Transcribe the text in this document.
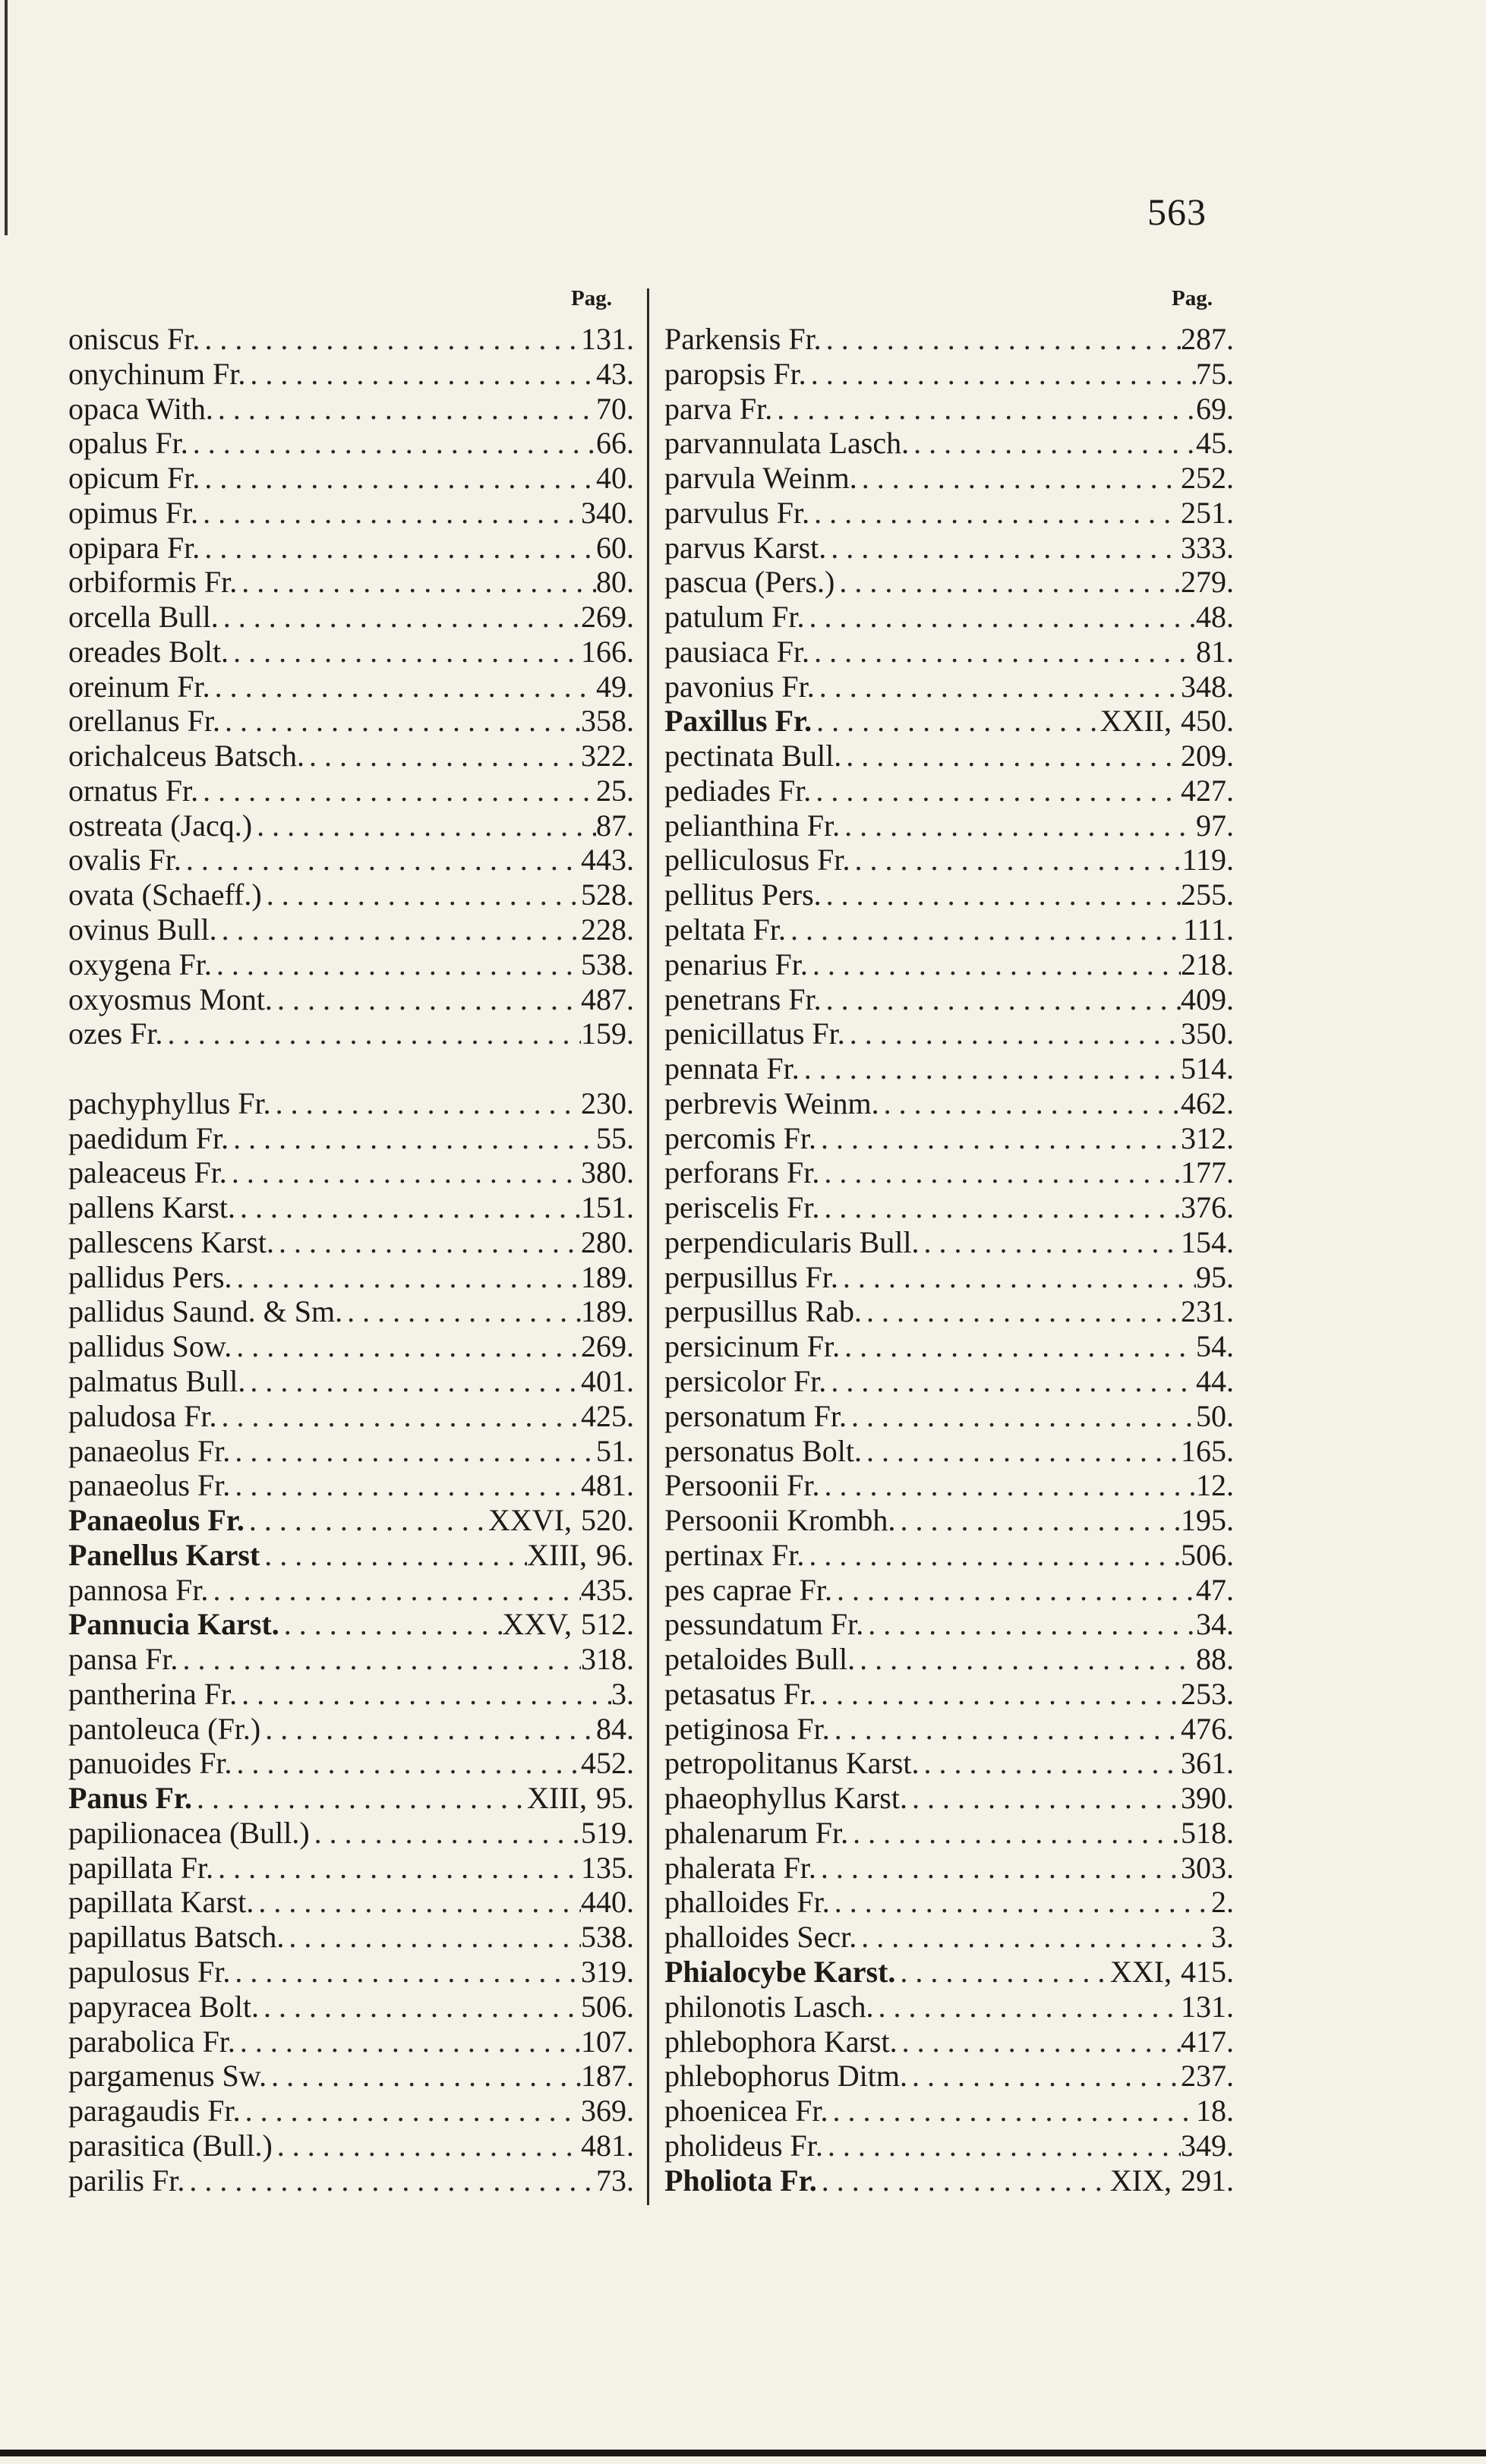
563
Pag.	Pag.
oniscus Fr. . . .	131.
onychinum Fr. . . .	43.
opaca With. . . .	70.
opalus Fr. . . .	66.
opicum Fr. . . .	40.
opimus Fr. . . .	340.
opipara Fr. . . .	60.
orbiformis Fr. . . .	80.
orcella Bull. . . .	269.
oreades Bolt. . . .	166.
oreinum Fr. . . .	49.
orellanus Fr. . . .	358.
orichalceus Batsch. . . .	322.
ornatus Fr. . . .	25.
ostreata (Jacq.) . . .	87.
ovalis Fr. . . .	443.
ovata (Schaeff.) . . .	528.
ovinus Bull. . . .	228.
oxygena Fr. . . .	538.
oxyosmus Mont. . . .	487.
ozes Fr. . . .	159.
pachyphyllus Fr. . . .	230.
paedidum Fr. . . .	55.
paleaceus Fr. . . .	380.
pallens Karst. . . .	151.
pallescens Karst. . . .	280.
pallidus Pers. . . .	189.
pallidus Saund. & Sm. . . .	189.
pallidus Sow. . . .	269.
palmatus Bull. . . .	401.
paludosa Fr. . . .	425.
panaeolus Fr. . . .	51.
panaeolus Fr. . . .	481.
Panaeolus Fr. . . .	XXVI, 520.
Panellus Karst . . .	XIII, 96.
pannosa Fr. . . .	435.
Pannucia Karst. . . .	XXV, 512.
pansa Fr. . . .	318.
pantherina Fr. . . .	3.
pantoleuca (Fr.) . . .	84.
panuoides Fr. . . .	452.
Panus Fr. . . .	XIII, 95.
papilionacea (Bull.) . . .	519.
papillata Fr. . . .	135.
papillata Karst. . . .	440.
papillatus Batsch. . . .	538.
papulosus Fr. . . .	319.
papyracea Bolt. . . .	506.
parabolica Fr. . . .	107.
pargamenus Sw. . . .	187.
paragaudis Fr. . . .	369.
parasitica (Bull.) . . .	481.
parilis Fr. . . .	73.
Parkensis Fr. . . .	287.
paropsis Fr. . . .	75.
parva Fr. . . .	69.
parvannulata Lasch. . . .	45.
parvula Weinm. . . .	252.
parvulus Fr. . . .	251.
parvus Karst. . . .	333.
pascua (Pers.) . . .	279.
patulum Fr. . . .	48.
pausiaca Fr. . . .	81.
pavonius Fr. . . .	348.
Paxillus Fr. . . .	XXII, 450.
pectinata Bull. . . .	209.
pediades Fr. . . .	427.
pelianthina Fr. . . .	97.
pelliculosus Fr. . . .	119.
pellitus Pers. . . .	255.
peltata Fr. . . .	111.
penarius Fr. . . .	218.
penetrans Fr. . . .	409.
penicillatus Fr. . . .	350.
pennata Fr. . . .	514.
perbrevis Weinm. . . .	462.
percomis Fr. . . .	312.
perforans Fr. . . .	177.
periscelis Fr. . . .	376.
perpendicularis Bull. . . .	154.
perpusillus Fr. . . .	95.
perpusillus Rab. . . .	231.
persicinum Fr. . . .	54.
persicolor Fr. . . .	44.
personatum Fr. . . .	50.
personatus Bolt. . . .	165.
Persoonii Fr. . . .	12.
Persoonii Krombh. . . .	195.
pertinax Fr. . . .	506.
pes caprae Fr. . . .	47.
pessundatum Fr. . . .	34.
petaloides Bull. . . .	88.
petasatus Fr. . . .	253.
petiginosa Fr. . . .	476.
petropolitanus Karst. . . .	361.
phaeophyllus Karst. . . .	390.
phalenarum Fr. . . .	518.
phalerata Fr. . . .	303.
phalloides Fr. . . .	2.
phalloides Secr. . . .	3.
Phialocybe Karst. . . .	XXI, 415.
philonotis Lasch. . . .	131.
phlebophora Karst. . . .	417.
phlebophorus Ditm. . . .	237.
phoenicea Fr. . . .	18.
pholideus Fr. . . .	349.
Pholiota Fr. . . .	XIX, 291.
